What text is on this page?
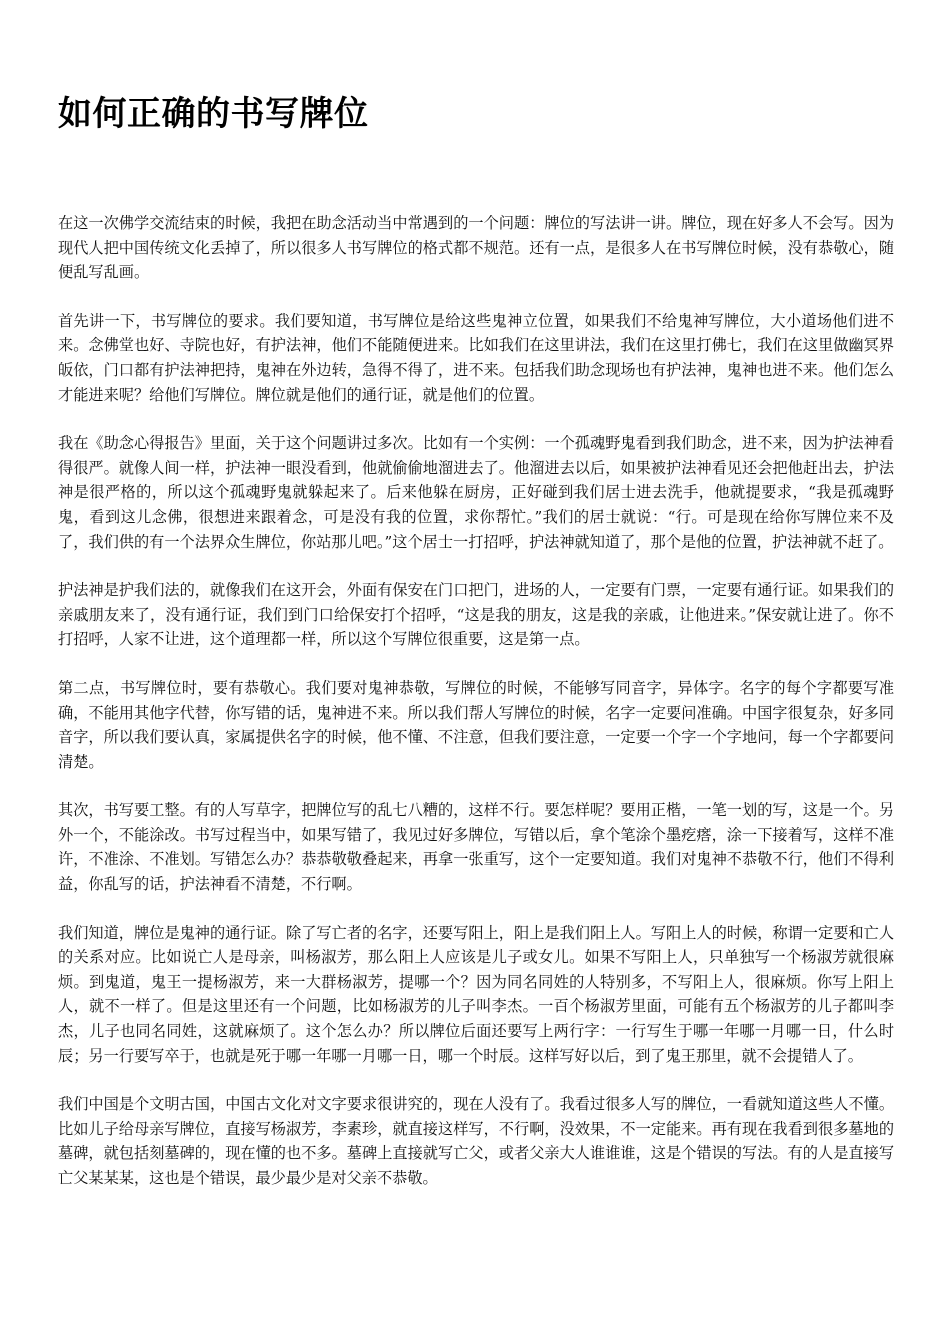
如何正确的书写牌位

在这一次佛学交流结束的时候，我把在助念活动当中常遇到的一个问题：牌位的写法讲一讲。牌位，现在好多人不会写。因为现代人把中国传统文化丢掉了，所以很多人书写牌位的格式都不规范。还有一点，是很多人在书写牌位时候，没有恭敬心，随便乱写乱画。

首先讲一下，书写牌位的要求。我们要知道，书写牌位是给这些鬼神立位置，如果我们不给鬼神写牌位，大小道场他们进不来。念佛堂也好、寺院也好，有护法神，他们不能随便进来。比如我们在这里讲法，我们在这里打佛七，我们在这里做幽冥界皈依，门口都有护法神把持，鬼神在外边转，急得不得了，进不来。包括我们助念现场也有护法神，鬼神也进不来。他们怎么才能进来呢？给他们写牌位。牌位就是他们的通行证，就是他们的位置。

我在《助念心得报告》里面，关于这个问题讲过多次。比如有一个实例：一个孤魂野鬼看到我们助念，进不来，因为护法神看得很严。就像人间一样，护法神一眼没看到，他就偷偷地溜进去了。他溜进去以后，如果被护法神看见还会把他赶出去，护法神是很严格的，所以这个孤魂野鬼就躲起来了。后来他躲在厨房，正好碰到我们居士进去洗手，他就提要求，“我是孤魂野鬼，看到这儿念佛，很想进来跟着念，可是没有我的位置，求你帮忙。”我们的居士就说：“行。可是现在给你写牌位来不及了，我们供的有一个法界众生牌位，你站那儿吧。”这个居士一打招呼，护法神就知道了，那个是他的位置，护法神就不赶了。

护法神是护我们法的，就像我们在这开会，外面有保安在门口把门，进场的人，一定要有门票，一定要有通行证。如果我们的亲戚朋友来了，没有通行证，我们到门口给保安打个招呼，“这是我的朋友，这是我的亲戚，让他进来。”保安就让进了。你不打招呼，人家不让进，这个道理都一样，所以这个写牌位很重要，这是第一点。

第二点，书写牌位时，要有恭敬心。我们要对鬼神恭敬，写牌位的时候，不能够写同音字，异体字。名字的每个字都要写准确，不能用其他字代替，你写错的话，鬼神进不来。所以我们帮人写牌位的时候，名字一定要问准确。中国字很复杂，好多同音字，所以我们要认真，家属提供名字的时候，他不懂、不注意，但我们要注意，一定要一个字一个字地问，每一个字都要问清楚。

其次，书写要工整。有的人写草字，把牌位写的乱七八糟的，这样不行。要怎样呢？要用正楷，一笔一划的写，这是一个。另外一个，不能涂改。书写过程当中，如果写错了，我见过好多牌位，写错以后，拿个笔涂个墨疙瘩，涂一下接着写，这样不准许，不准涂、不准划。写错怎么办？恭恭敬敬叠起来，再拿一张重写，这个一定要知道。我们对鬼神不恭敬不行，他们不得利益，你乱写的话，护法神看不清楚，不行啊。

我们知道，牌位是鬼神的通行证。除了写亡者的名字，还要写阳上，阳上是我们阳上人。写阳上人的时候，称谓一定要和亡人的关系对应。比如说亡人是母亲，叫杨淑芳，那么阳上人应该是儿子或女儿。如果不写阳上人，只单独写一个杨淑芳就很麻烦。到鬼道，鬼王一提杨淑芳，来一大群杨淑芳，提哪一个？因为同名同姓的人特别多，不写阳上人，很麻烦。你写上阳上人，就不一样了。但是这里还有一个问题，比如杨淑芳的儿子叫李杰。一百个杨淑芳里面，可能有五个杨淑芳的儿子都叫李杰，儿子也同名同姓，这就麻烦了。这个怎么办？所以牌位后面还要写上两行字：一行写生于哪一年哪一月哪一日，什么时辰；另一行要写卒于，也就是死于哪一年哪一月哪一日，哪一个时辰。这样写好以后，到了鬼王那里，就不会提错人了。

我们中国是个文明古国，中国古文化对文字要求很讲究的，现在人没有了。我看过很多人写的牌位，一看就知道这些人不懂。比如儿子给母亲写牌位，直接写杨淑芳，李素珍，就直接这样写，不行啊，没效果，不一定能来。再有现在我看到很多墓地的墓碑，就包括刻墓碑的，现在懂的也不多。墓碑上直接就写亡父，或者父亲大人谁谁谁，这是个错误的写法。有的人是直接写亡父某某某，这也是个错误，最少最少是对父亲不恭敬。
